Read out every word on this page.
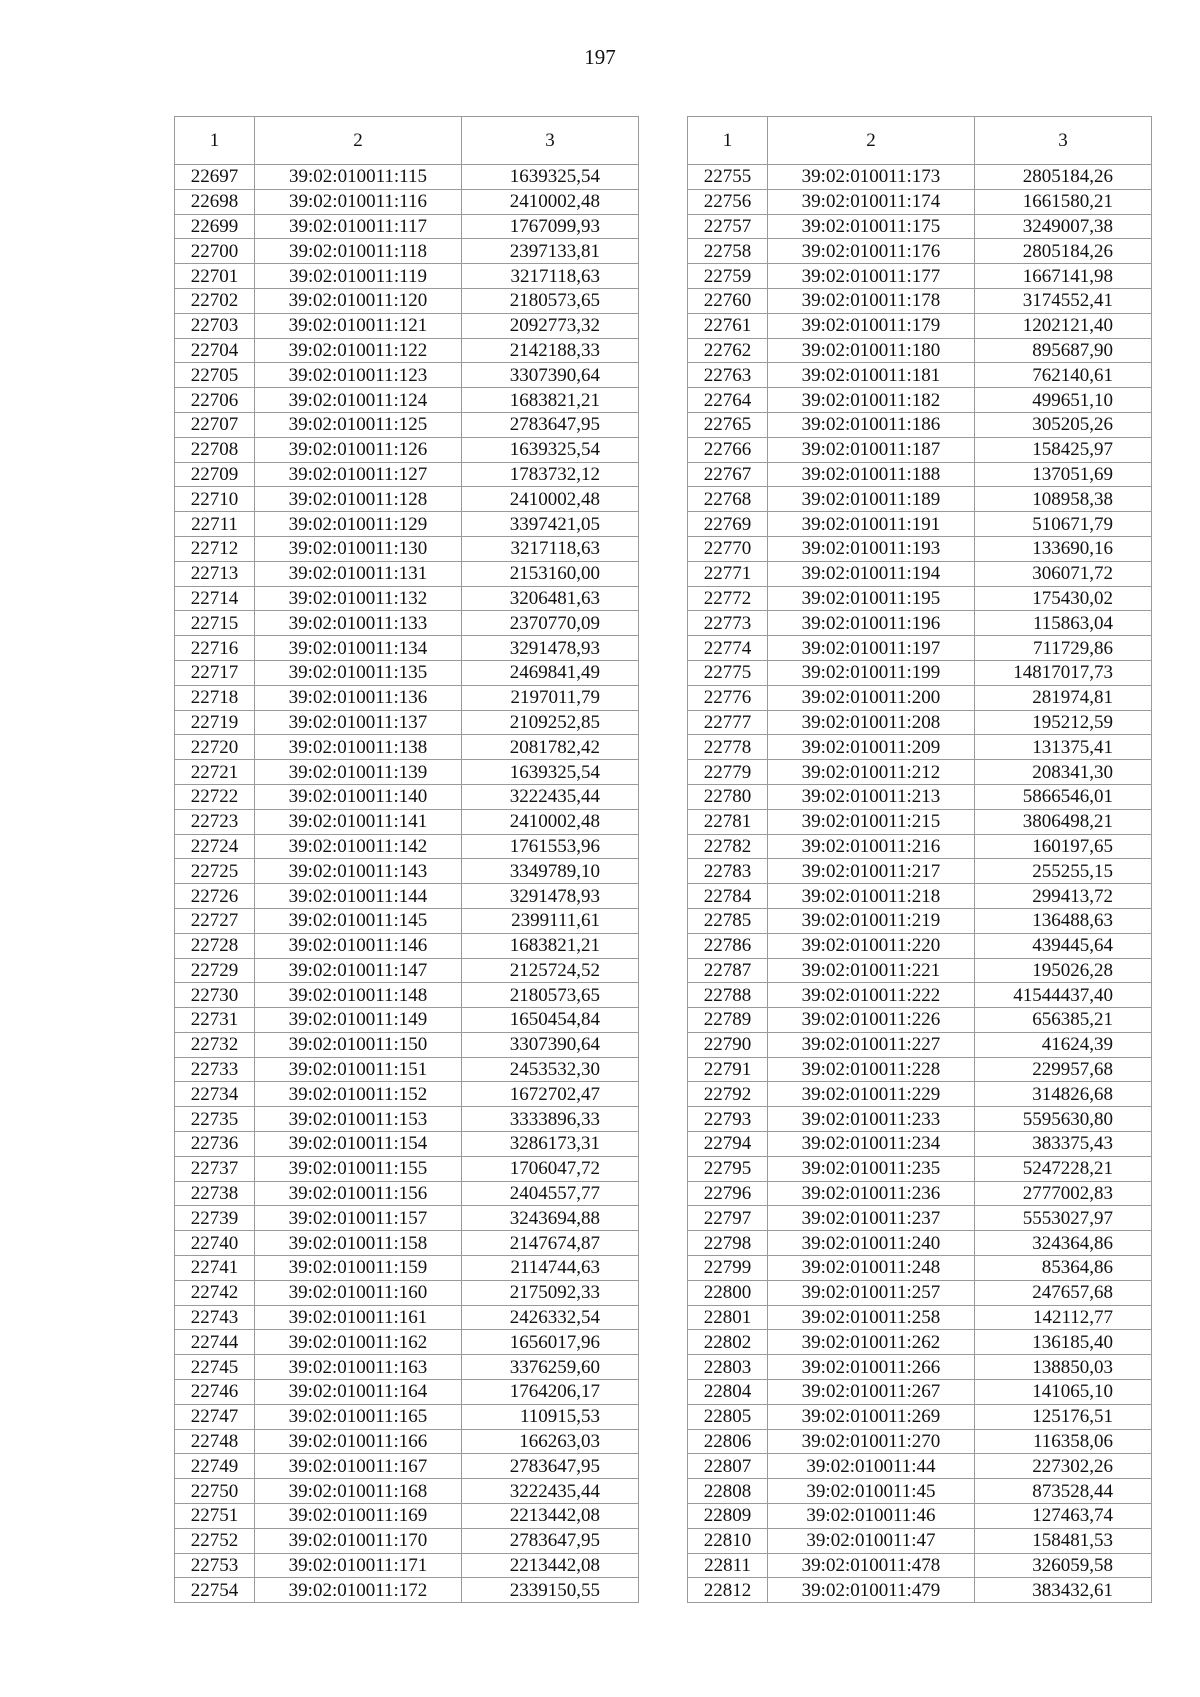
197
1	2	3
22697	39:02:010011:115	1639325,54
22698	39:02:010011:116	2410002,48
22699	39:02:010011:117	1767099,93
22700	39:02:010011:118	2397133,81
22701	39:02:010011:119	3217118,63
22702	39:02:010011:120	2180573,65
22703	39:02:010011:121	2092773,32
22704	39:02:010011:122	2142188,33
22705	39:02:010011:123	3307390,64
22706	39:02:010011:124	1683821,21
22707	39:02:010011:125	2783647,95
22708	39:02:010011:126	1639325,54
22709	39:02:010011:127	1783732,12
22710	39:02:010011:128	2410002,48
22711	39:02:010011:129	3397421,05
22712	39:02:010011:130	3217118,63
22713	39:02:010011:131	2153160,00
22714	39:02:010011:132	3206481,63
22715	39:02:010011:133	2370770,09
22716	39:02:010011:134	3291478,93
22717	39:02:010011:135	2469841,49
22718	39:02:010011:136	2197011,79
22719	39:02:010011:137	2109252,85
22720	39:02:010011:138	2081782,42
22721	39:02:010011:139	1639325,54
22722	39:02:010011:140	3222435,44
22723	39:02:010011:141	2410002,48
22724	39:02:010011:142	1761553,96
22725	39:02:010011:143	3349789,10
22726	39:02:010011:144	3291478,93
22727	39:02:010011:145	2399111,61
22728	39:02:010011:146	1683821,21
22729	39:02:010011:147	2125724,52
22730	39:02:010011:148	2180573,65
22731	39:02:010011:149	1650454,84
22732	39:02:010011:150	3307390,64
22733	39:02:010011:151	2453532,30
22734	39:02:010011:152	1672702,47
22735	39:02:010011:153	3333896,33
22736	39:02:010011:154	3286173,31
22737	39:02:010011:155	1706047,72
22738	39:02:010011:156	2404557,77
22739	39:02:010011:157	3243694,88
22740	39:02:010011:158	2147674,87
22741	39:02:010011:159	2114744,63
22742	39:02:010011:160	2175092,33
22743	39:02:010011:161	2426332,54
22744	39:02:010011:162	1656017,96
22745	39:02:010011:163	3376259,60
22746	39:02:010011:164	1764206,17
22747	39:02:010011:165	110915,53
22748	39:02:010011:166	166263,03
22749	39:02:010011:167	2783647,95
22750	39:02:010011:168	3222435,44
22751	39:02:010011:169	2213442,08
22752	39:02:010011:170	2783647,95
22753	39:02:010011:171	2213442,08
22754	39:02:010011:172	2339150,55
1	2	3
22755	39:02:010011:173	2805184,26
22756	39:02:010011:174	1661580,21
22757	39:02:010011:175	3249007,38
22758	39:02:010011:176	2805184,26
22759	39:02:010011:177	1667141,98
22760	39:02:010011:178	3174552,41
22761	39:02:010011:179	1202121,40
22762	39:02:010011:180	895687,90
22763	39:02:010011:181	762140,61
22764	39:02:010011:182	499651,10
22765	39:02:010011:186	305205,26
22766	39:02:010011:187	158425,97
22767	39:02:010011:188	137051,69
22768	39:02:010011:189	108958,38
22769	39:02:010011:191	510671,79
22770	39:02:010011:193	133690,16
22771	39:02:010011:194	306071,72
22772	39:02:010011:195	175430,02
22773	39:02:010011:196	115863,04
22774	39:02:010011:197	711729,86
22775	39:02:010011:199	14817017,73
22776	39:02:010011:200	281974,81
22777	39:02:010011:208	195212,59
22778	39:02:010011:209	131375,41
22779	39:02:010011:212	208341,30
22780	39:02:010011:213	5866546,01
22781	39:02:010011:215	3806498,21
22782	39:02:010011:216	160197,65
22783	39:02:010011:217	255255,15
22784	39:02:010011:218	299413,72
22785	39:02:010011:219	136488,63
22786	39:02:010011:220	439445,64
22787	39:02:010011:221	195026,28
22788	39:02:010011:222	41544437,40
22789	39:02:010011:226	656385,21
22790	39:02:010011:227	41624,39
22791	39:02:010011:228	229957,68
22792	39:02:010011:229	314826,68
22793	39:02:010011:233	5595630,80
22794	39:02:010011:234	383375,43
22795	39:02:010011:235	5247228,21
22796	39:02:010011:236	2777002,83
22797	39:02:010011:237	5553027,97
22798	39:02:010011:240	324364,86
22799	39:02:010011:248	85364,86
22800	39:02:010011:257	247657,68
22801	39:02:010011:258	142112,77
22802	39:02:010011:262	136185,40
22803	39:02:010011:266	138850,03
22804	39:02:010011:267	141065,10
22805	39:02:010011:269	125176,51
22806	39:02:010011:270	116358,06
22807	39:02:010011:44	227302,26
22808	39:02:010011:45	873528,44
22809	39:02:010011:46	127463,74
22810	39:02:010011:47	158481,53
22811	39:02:010011:478	326059,58
22812	39:02:010011:479	383432,61
